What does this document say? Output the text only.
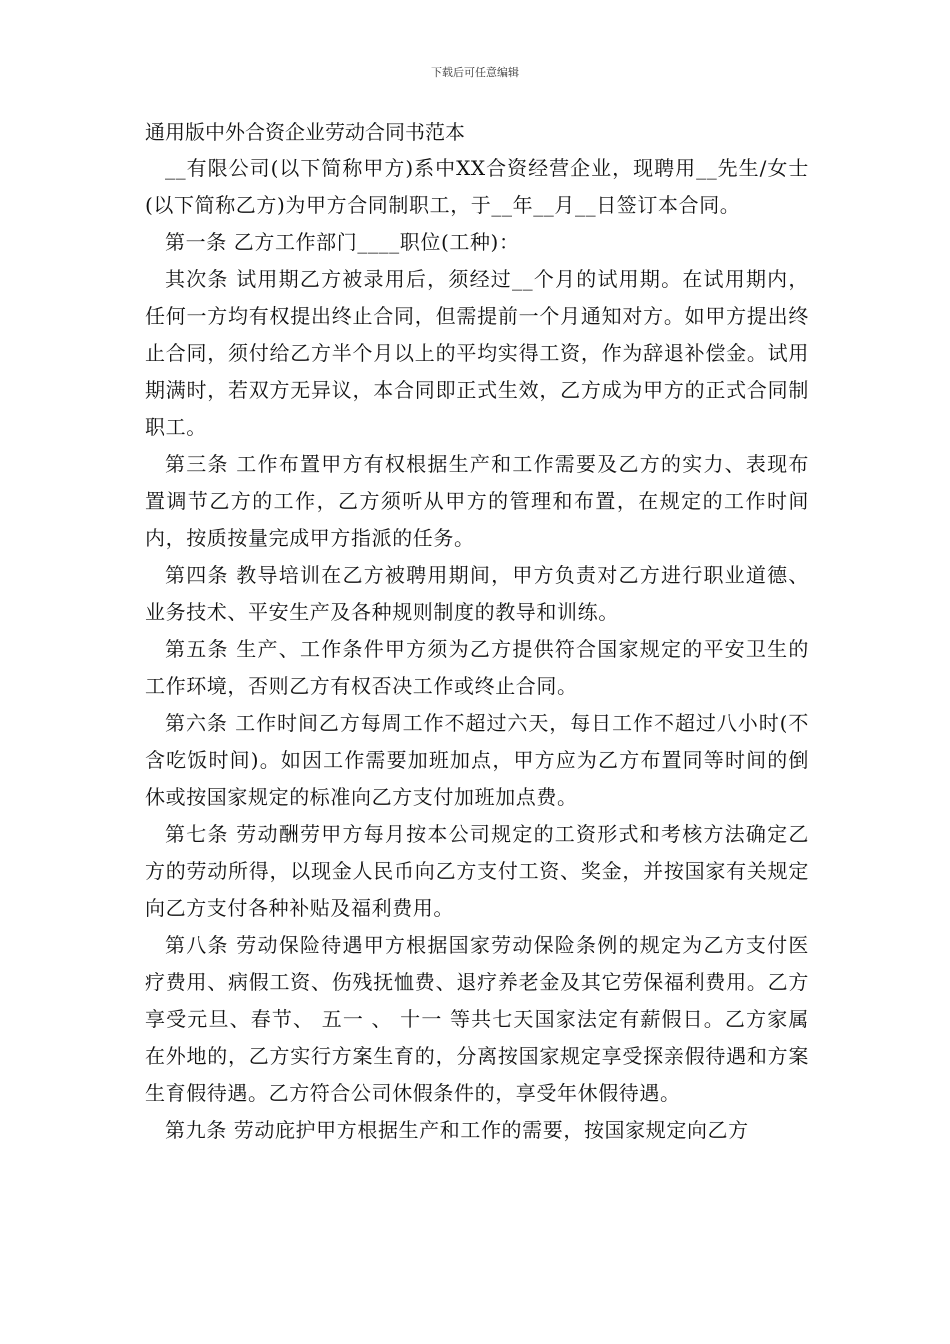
下载后可任意编辑
通用版中外合资企业劳动合同书范本

__有限公司(以下简称甲方)系中XX合资经营企业，现聘用__先生/女士(以下简称乙方)为甲方合同制职工，于__年__月__日签订本合同。

第一条 乙方工作部门____职位(工种)：

其次条 试用期乙方被录用后，须经过__个月的试用期。在试用期内，任何一方均有权提出终止合同，但需提前一个月通知对方。如甲方提出终止合同，须付给乙方半个月以上的平均实得工资，作为辞退补偿金。试用期满时，若双方无异议，本合同即正式生效，乙方成为甲方的正式合同制职工。

第三条 工作布置甲方有权根据生产和工作需要及乙方的实力、表现布置调节乙方的工作，乙方须听从甲方的管理和布置，在规定的工作时间内，按质按量完成甲方指派的任务。

第四条 教导培训在乙方被聘用期间，甲方负责对乙方进行职业道德、业务技术、平安生产及各种规则制度的教导和训练。

第五条 生产、工作条件甲方须为乙方提供符合国家规定的平安卫生的工作环境，否则乙方有权否决工作或终止合同。

第六条 工作时间乙方每周工作不超过六天，每日工作不超过八小时(不含吃饭时间)。如因工作需要加班加点，甲方应为乙方布置同等时间的倒休或按国家规定的标准向乙方支付加班加点费。

第七条 劳动酬劳甲方每月按本公司规定的工资形式和考核方法确定乙方的劳动所得，以现金人民币向乙方支付工资、奖金，并按国家有关规定向乙方支付各种补贴及福利费用。

第八条 劳动保险待遇甲方根据国家劳动保险条例的规定为乙方支付医疗费用、病假工资、伤残抚恤费、退疗养老金及其它劳保福利费用。乙方享受元旦、春节、 五一 、 十一 等共七天国家法定有薪假日。乙方家属在外地的，乙方实行方案生育的，分离按国家规定享受探亲假待遇和方案生育假待遇。乙方符合公司休假条件的，享受年休假待遇。

第九条 劳动庇护甲方根据生产和工作的需要，按国家规定向乙方
